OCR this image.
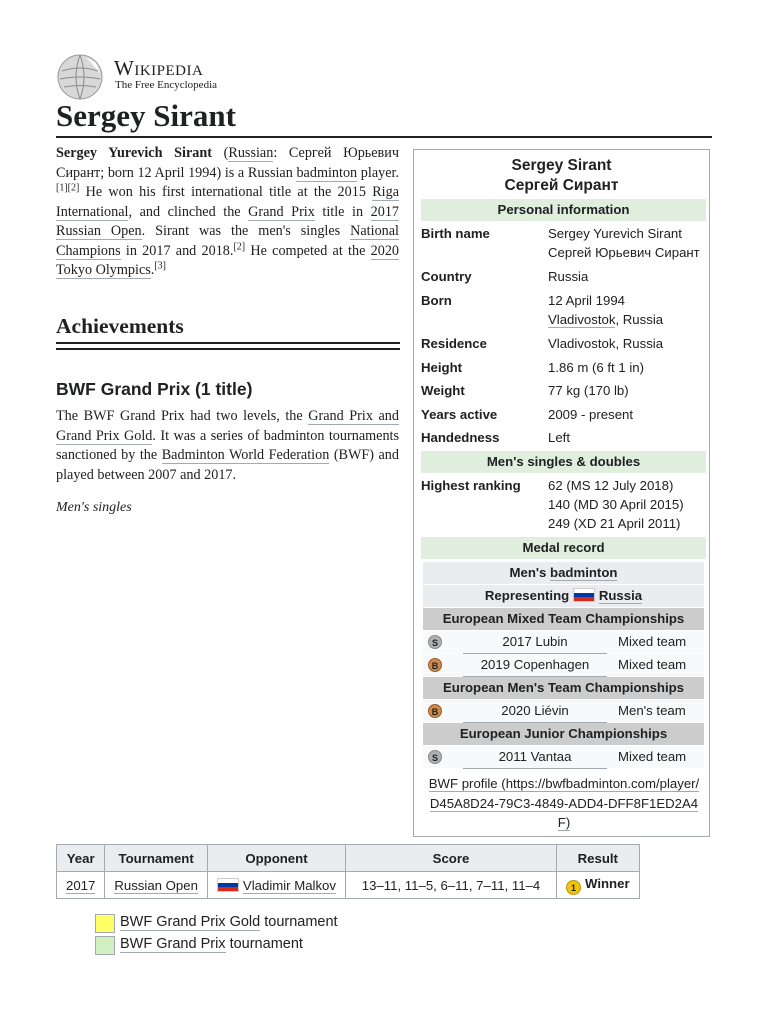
Wikipedia
The Free Encyclopedia
Sergey Sirant

Sergey Yurevich Sirant (Russian: Сергей Юрьевич Сирант; born 12 April 1994) is a Russian badminton player.[1][2] He won his first international title at the 2015 Riga International, and clinched the Grand Prix title in 2017 Russian Open. Sirant was the men's singles National Champions in 2017 and 2018.[2] He competed at the 2020 Tokyo Olympics.[3]

Achievements
BWF Grand Prix (1 title)

The BWF Grand Prix had two levels, the Grand Prix and Grand Prix Gold. It was a series of badminton tournaments sanctioned by the Badminton World Federation (BWF) and played between 2007 and 2017.

Men's singles
Sergey Sirant
Сергей Сирант
Personal information
Birth name	Sergey Yurevich Sirant
Сергей Юрьевич Сирант
Country	Russia
Born	12 April 1994
Vladivostok, Russia
Residence	Vladivostok, Russia
Height	1.86 m (6 ft 1 in)
Weight	77 kg (170 lb)
Years active	2009 - present
Handedness	Left
Men's singles & doubles
Highest ranking 62 (MS 12 July 2018)
140 (MD 30 April 2015)
249 (XD 21 April 2011)
Medal record
Men's badminton
Representing Russia
European Mixed Team Championships
S	2017 Lubin	Mixed team
B	2019 Copenhagen	Mixed team
European Men's Team Championships
B	2020 Liévin	Men's team
European Junior Championships
S	2011 Vantaa	Mixed team
BWF profile (https://bwfbadminton.com/player/
D45A8D24-79C3-4849-ADD4-DFF8F1ED2A4
F)
Year	Tournament	Opponent	Score	Result
2017	Russian Open	Vladimir Malkov	13–11, 11–5, 6–11, 7–11, 11–4	1 Winner
BWF Grand Prix Gold tournament
BWF Grand Prix tournament
